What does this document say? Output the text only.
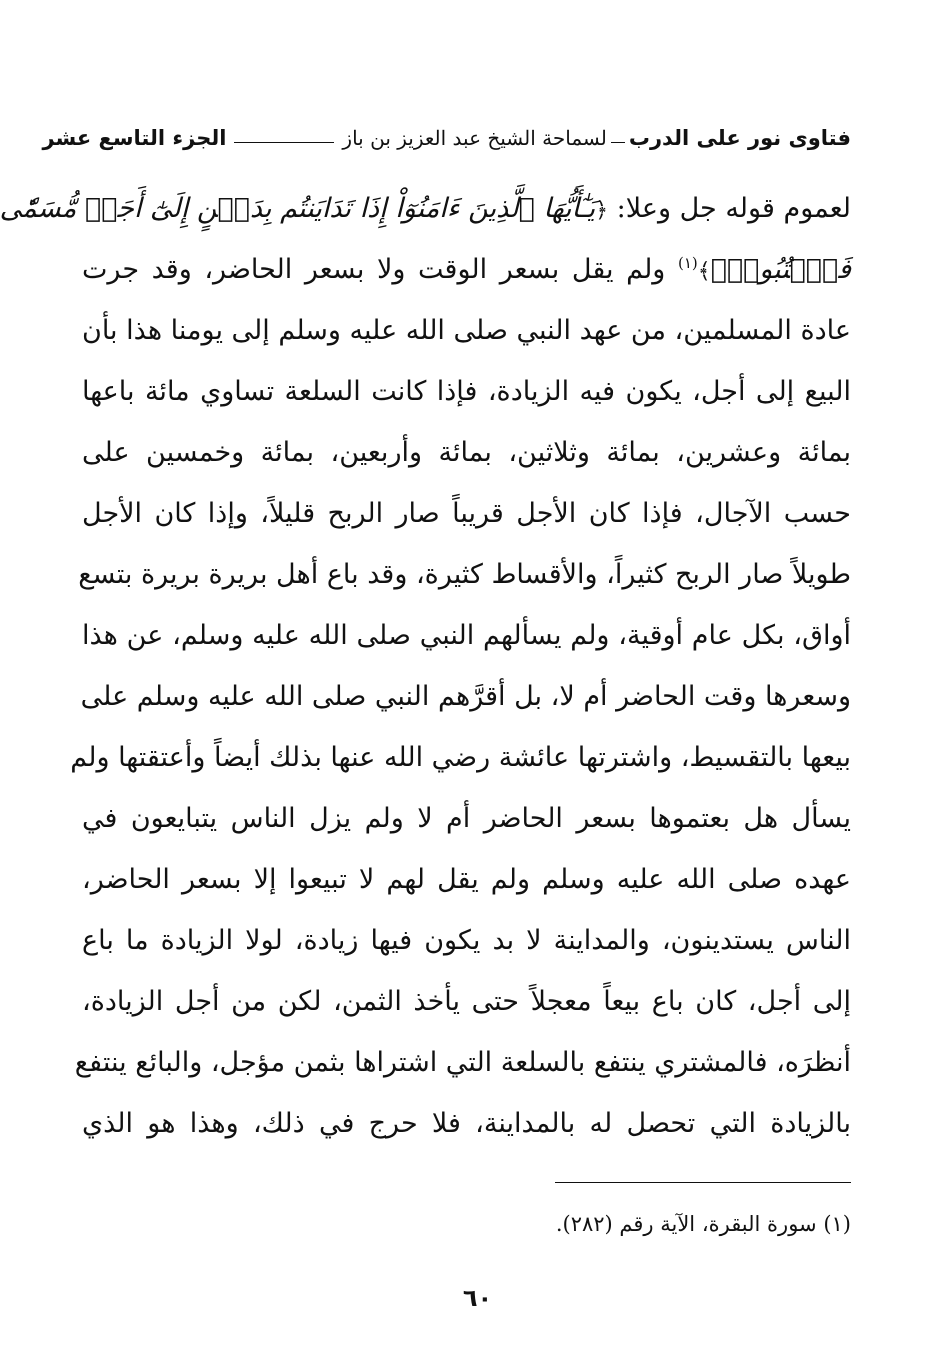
فتاوى نور على الدرب
لسماحة الشيخ عبد العزيز بن باز
الجزء التاسع عشر
لعموم قوله جل وعلا: ﴿يَـٰٓأَيُّهَا ٱلَّذِينَ ءَامَنُوٓاْ إِذَا تَدَايَنتُم بِدَيۡنٍ إِلَىٰٓ أَجَلٖ مُّسَمّٗى
فَٱكۡتُبُوهُۚ﴾$^{(١)}$ ولم يقل بسعر الوقت ولا بسعر الحاضر، وقد جرت
عادة المسلمين، من عهد النبي صلى الله عليه وسلم إلى يومنا هذا بأن
البيع إلى أجل، يكون فيه الزيادة، فإذا كانت السلعة تساوي مائة باعها
بمائة وعشرين، بمائة وثلاثين، بمائة وأربعين، بمائة وخمسين على
حسب الآجال، فإذا كان الأجل قريباً صار الربح قليلاً، وإذا كان الأجل
طويلاً صار الربح كثيراً، والأقساط كثيرة، وقد باع أهل بريرة بريرة بتسع
أواق، بكل عام أوقية، ولم يسألهم النبي صلى الله عليه وسلم، عن هذا
وسعرها وقت الحاضر أم لا، بل أقرَّهم النبي صلى الله عليه وسلم على
بيعها بالتقسيط، واشترتها عائشة رضي الله عنها بذلك أيضاً وأعتقتها ولم
يسأل هل بعتموها بسعر الحاضر أم لا ولم يزل الناس يتبايعون في
عهده صلى الله عليه وسلم ولم يقل لهم لا تبيعوا إلا بسعر الحاضر،
الناس يستدينون، والمداينة لا بد يكون فيها زيادة، لولا الزيادة ما باع
إلى أجل، كان باع بيعاً معجلاً حتى يأخذ الثمن، لكن من أجل الزيادة،
أنظرَه، فالمشتري ينتفع بالسلعة التي اشتراها بثمن مؤجل، والبائع ينتفع
بالزيادة التي تحصل له بالمداينة، فلا حرج في ذلك، وهذا هو الذي
(١) سورة البقرة، الآية رقم (٢٨٢).
٦٠
